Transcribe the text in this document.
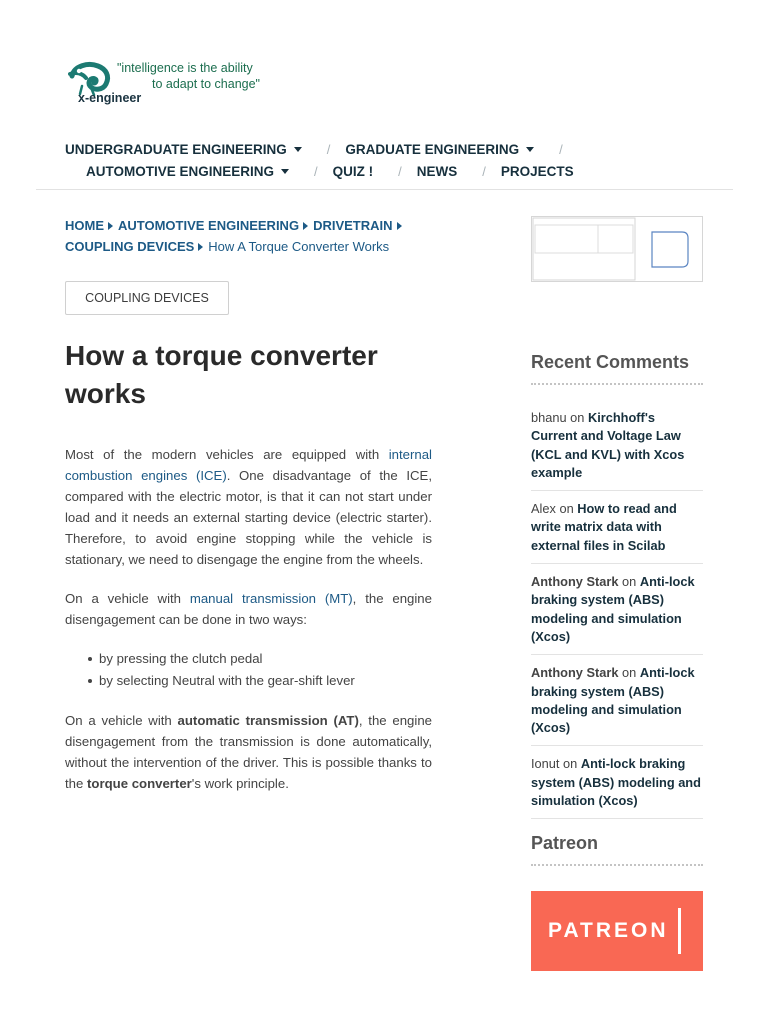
"intelligence is the ability
to adapt to change"
x-engineer
UNDERGRADUATE ENGINEERING	/ GRADUATE ENGINEERING	/
AUTOMOTIVE ENGINEERING	/ QUIZ ! / NEWS / PROJECTS
HOME AUTOMOTIVE ENGINEERING DRIVETRAIN
COUPLING DEVICES How A Torque Converter Works
COUPLING DEVICES
How a torque converter works

Most of the modern vehicles are equipped with internal combustion engines (ICE). One disadvantage of the ICE, compared with the electric motor, is that it can not start under load and it needs an external starting device (electric starter). Therefore, to avoid engine stopping while the vehicle is stationary, we need to disengage the engine from the wheels.

On a vehicle with manual transmission (MT), the engine disengagement can be done in two ways:

by pressing the clutch pedal
by selecting Neutral with the gear-shift lever

On a vehicle with automatic transmission (AT), the engine disengagement from the transmission is done automatically, without the intervention of the driver. This is possible thanks to the torque converter's work principle.

Recent Comments
bhanu on Kirchhoff's Current and Voltage Law (KCL and KVL) with Xcos example
Alex on How to read and write matrix data with external files in Scilab
Anthony Stark on Anti-lock braking system (ABS) modeling and simulation (Xcos)
Anthony Stark on Anti-lock braking system (ABS) modeling and simulation (Xcos)
Ionut on Anti-lock braking system (ABS) modeling and simulation (Xcos)
Patreon
PATREON
